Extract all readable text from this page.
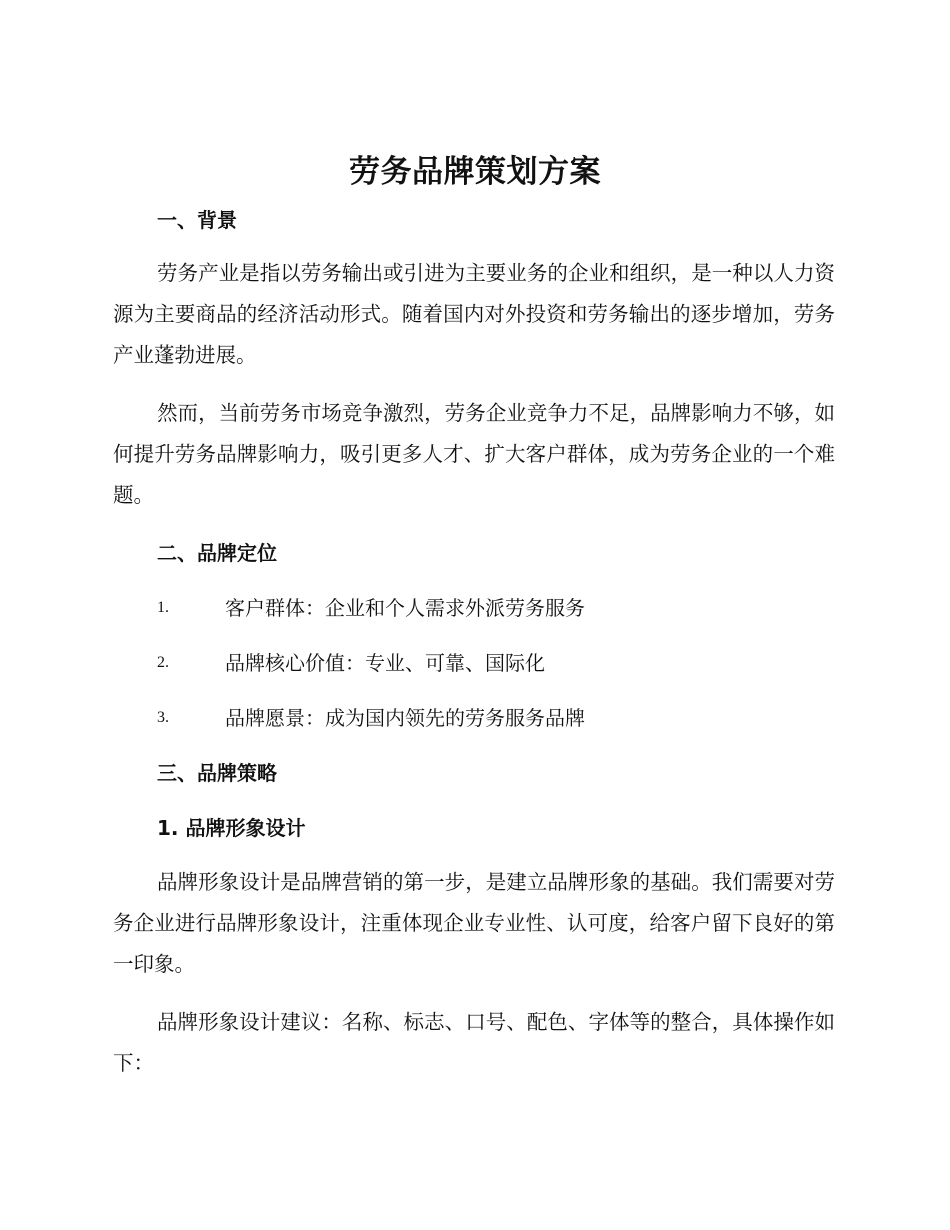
劳务品牌策划方案
一、背景
劳务产业是指以劳务输出或引进为主要业务的企业和组织，是一种以人力资源为主要商品的经济活动形式。随着国内对外投资和劳务输出的逐步增加，劳务产业蓬勃进展。
然而，当前劳务市场竞争激烈，劳务企业竞争力不足，品牌影响力不够，如何提升劳务品牌影响力，吸引更多人才、扩大客户群体，成为劳务企业的一个难题。
二、品牌定位
1.	客户群体：企业和个人需求外派劳务服务
2.	品牌核心价值：专业、可靠、国际化
3.	品牌愿景：成为国内领先的劳务服务品牌
三、品牌策略
1. 品牌形象设计
品牌形象设计是品牌营销的第一步，是建立品牌形象的基础。我们需要对劳务企业进行品牌形象设计，注重体现企业专业性、认可度，给客户留下良好的第一印象。
品牌形象设计建议：名称、标志、口号、配色、字体等的整合，具体操作如下：
